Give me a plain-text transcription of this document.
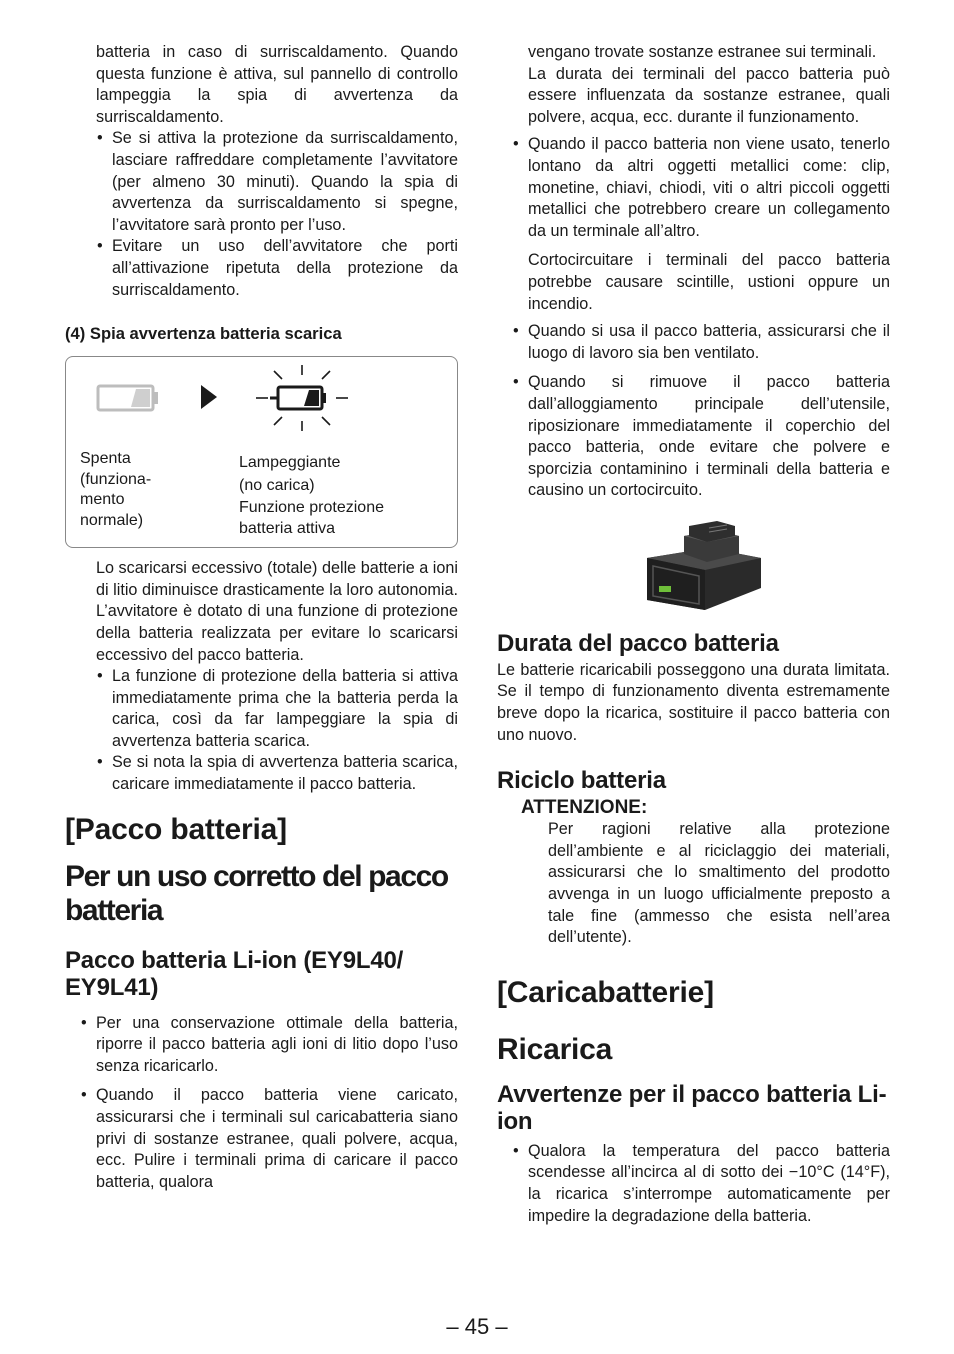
batteria in caso di surriscaldamento. Quando questa funzione è attiva, sul pannello di controllo lampeggia la spia di avvertenza da surriscaldamento.

• Se si attiva la protezione da surriscaldamento, lasciare raffreddare completamente l’avvitatore (per almeno 30 minuti). Quando la spia di avvertenza da surriscaldamento si spegne, l’avvitatore sarà pronto per l’uso.
• Evitare un uso dell’avvitatore che porti all’attivazione ripetuta della protezione da surriscaldamento.
(4) Spia avvertenza batteria scarica
Spenta
(funziona-
mento
normale)
Lampeggiante
(no carica)
Funzione protezione
batteria attiva

Lo scaricarsi eccessivo (totale) delle batterie a ioni di litio diminuisce drasticamente la loro autonomia. L’avvitatore è dotato di una funzione di protezione della batteria realizzata per evitare lo scaricarsi eccessivo del pacco batteria.

• La funzione di protezione della batteria si attiva immediatamente prima che la batteria perda la carica, così da far lampeggiare la spia di avvertenza batteria scarica.
• Se si nota la spia di avvertenza batteria scarica, caricare immediatamente il pacco batteria.
[Pacco batteria]
Per un uso corretto del pacco batteria
Pacco batteria Li-ion (EY9L40/ EY9L41)
• Per una conservazione ottimale della batteria, riporre il pacco batteria agli ioni di litio dopo l’uso senza ricaricarlo.
• Quando il pacco batteria viene caricato, assicurarsi che i terminali sul caricabatteria siano privi di sostanze estranee, quali polvere, acqua, ecc. Pulire i terminali prima di caricare il pacco batteria, qualora

vengano trovate sostanze estranee sui terminali.

La durata dei terminali del pacco batteria può essere influenzata da sostanze estranee, quali polvere, acqua, ecc. durante il funzionamento.

• Quando il pacco batteria non viene usato, tenerlo lontano da altri oggetti metallici come: clip, monetine, chiavi, chiodi, viti o altri piccoli oggetti metallici che potrebbero creare un collegamento da un terminale all’altro.

Cortocircuitare i terminali del pacco batteria potrebbe causare scintille, ustioni oppure un incendio.

• Quando si usa il pacco batteria, assicurarsi che il luogo di lavoro sia ben ventilato.
• Quando si rimuove il pacco batteria dall’alloggiamento principale dell’utensile, riposizionare immediatamente il coperchio del pacco batteria, onde evitare che polvere e sporcizia contaminino i terminali della batteria e causino un cortocircuito.
Durata del pacco batteria

Le batterie ricaricabili posseggono una durata limitata. Se il tempo di funzionamento diventa estremamente breve dopo la ricarica, sostituire il pacco batteria con uno nuovo.

Riciclo batteria
ATTENZIONE:

Per ragioni relative alla protezione dell’ambiente e al riciclaggio dei materiali, assicurarsi che lo smaltimento del prodotto avvenga in un luogo ufficialmente preposto a tale fine (ammesso che esista nell’area dell’utente).

[Caricabatterie]
Ricarica
Avvertenze per il pacco batteria Li-ion
• Qualora la temperatura del pacco batteria scendesse all’incirca al di sotto dei −10°C (14°F), la ricarica s’interrompe automaticamente per impedire la degradazione della batteria.
– 45 –
